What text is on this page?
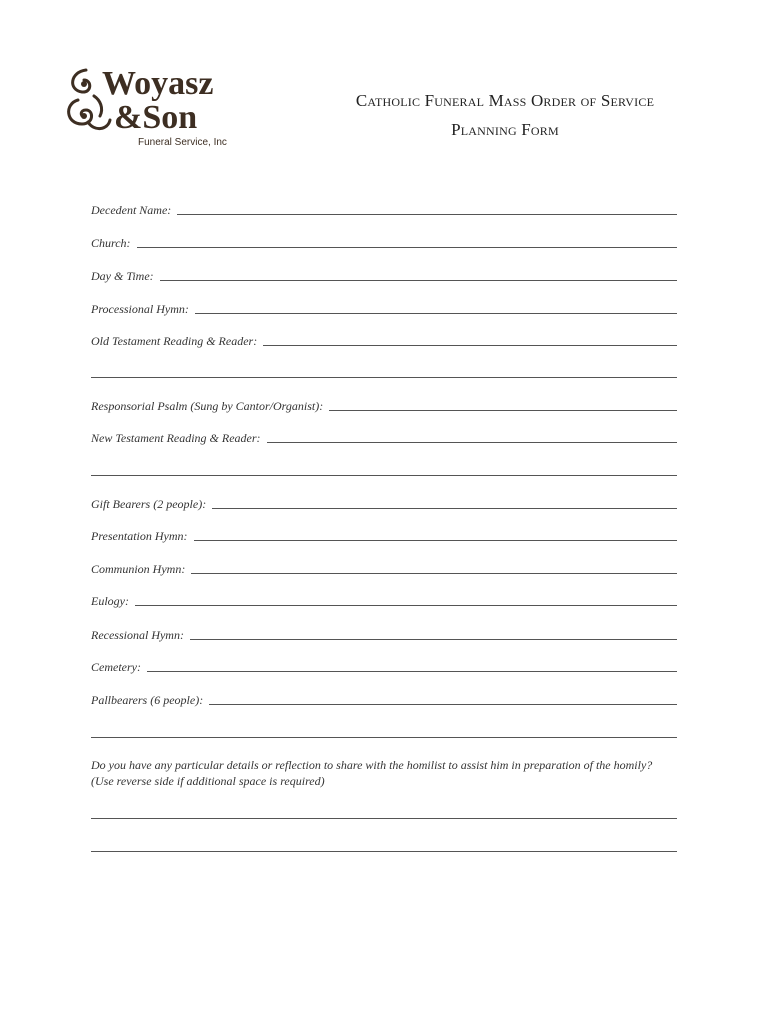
Woyasz
&Son
Funeral Service, Inc
Catholic Funeral Mass Order of Service
Planning Form
Decedent Name:
Church:
Day & Time:
Processional Hymn:
Old Testament Reading & Reader:
Responsorial Psalm (Sung by Cantor/Organist):
New Testament Reading & Reader:
Gift Bearers (2 people):
Presentation Hymn:
Communion Hymn:
Eulogy:
Recessional Hymn:
Cemetery:
Pallbearers (6 people):
Do you have any particular details or reflection to share with the homilist to assist him in preparation of the homily?
(Use reverse side if additional space is required)
